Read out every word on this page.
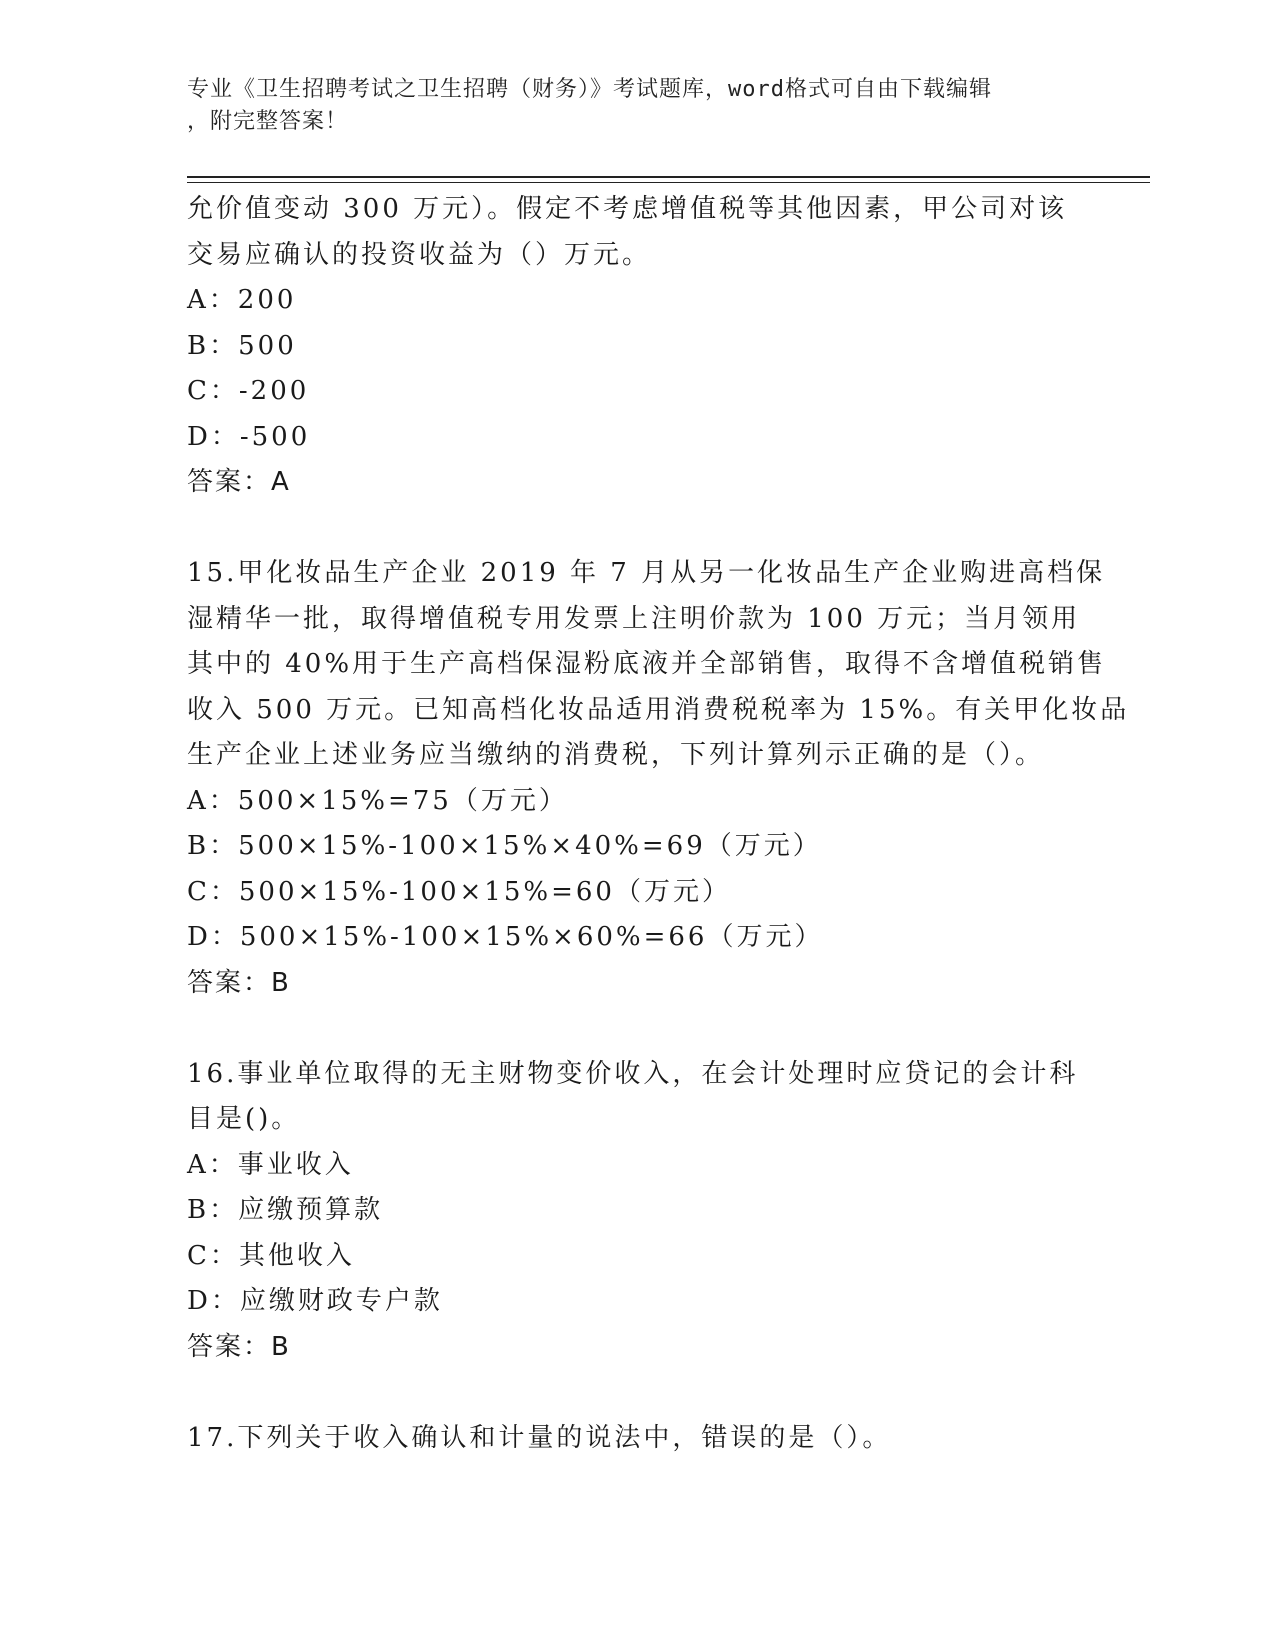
专业《卫生招聘考试之卫生招聘（财务）》考试题库，word格式可自由下载编辑
，附完整答案！
允价值变动 300 万元）。假定不考虑增值税等其他因素，甲公司对该
交易应确认的投资收益为（）万元。
A：200
B：500
C：-200
D：-500
答案：A
15.甲化妆品生产企业 2019 年 7 月从另一化妆品生产企业购进高档保
湿精华一批，取得增值税专用发票上注明价款为 100 万元；当月领用
其中的 40%用于生产高档保湿粉底液并全部销售，取得不含增值税销售
收入 500 万元。已知高档化妆品适用消费税税率为 15%。有关甲化妆品
生产企业上述业务应当缴纳的消费税，下列计算列示正确的是（）。
A：500×15%=75（万元）
B：500×15%-100×15%×40%=69（万元）
C：500×15%-100×15%=60（万元）
D：500×15%-100×15%×60%=66（万元）
答案：B
16.事业单位取得的无主财物变价收入，在会计处理时应贷记的会计科
目是()。
A：事业收入
B：应缴预算款
C：其他收入
D：应缴财政专户款
答案：B
17.下列关于收入确认和计量的说法中，错误的是（）。
